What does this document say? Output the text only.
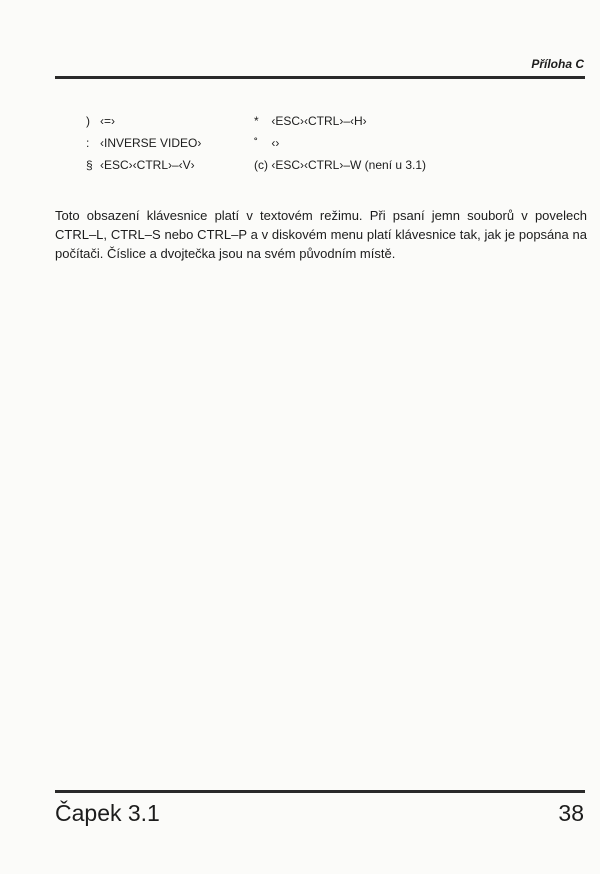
Příloha C
) ‹=›	* ‹ESC›‹CTRL›–‹H›
: ‹INVERSE VIDEO›	˚ ‹›
§ ‹ESC›‹CTRL›–‹V›	(c) ‹ESC›‹CTRL›–W (není u 3.1)

Toto obsazení klávesnice platí v textovém režimu. Při psaní jemn souborů v povelech CTRL–L, CTRL–S nebo CTRL–P a v diskovém menu platí klávesnice tak, jak je popsána na počítači. Číslice a dvojtečka jsou na svém původním místě.

Čapek 3.1	38
